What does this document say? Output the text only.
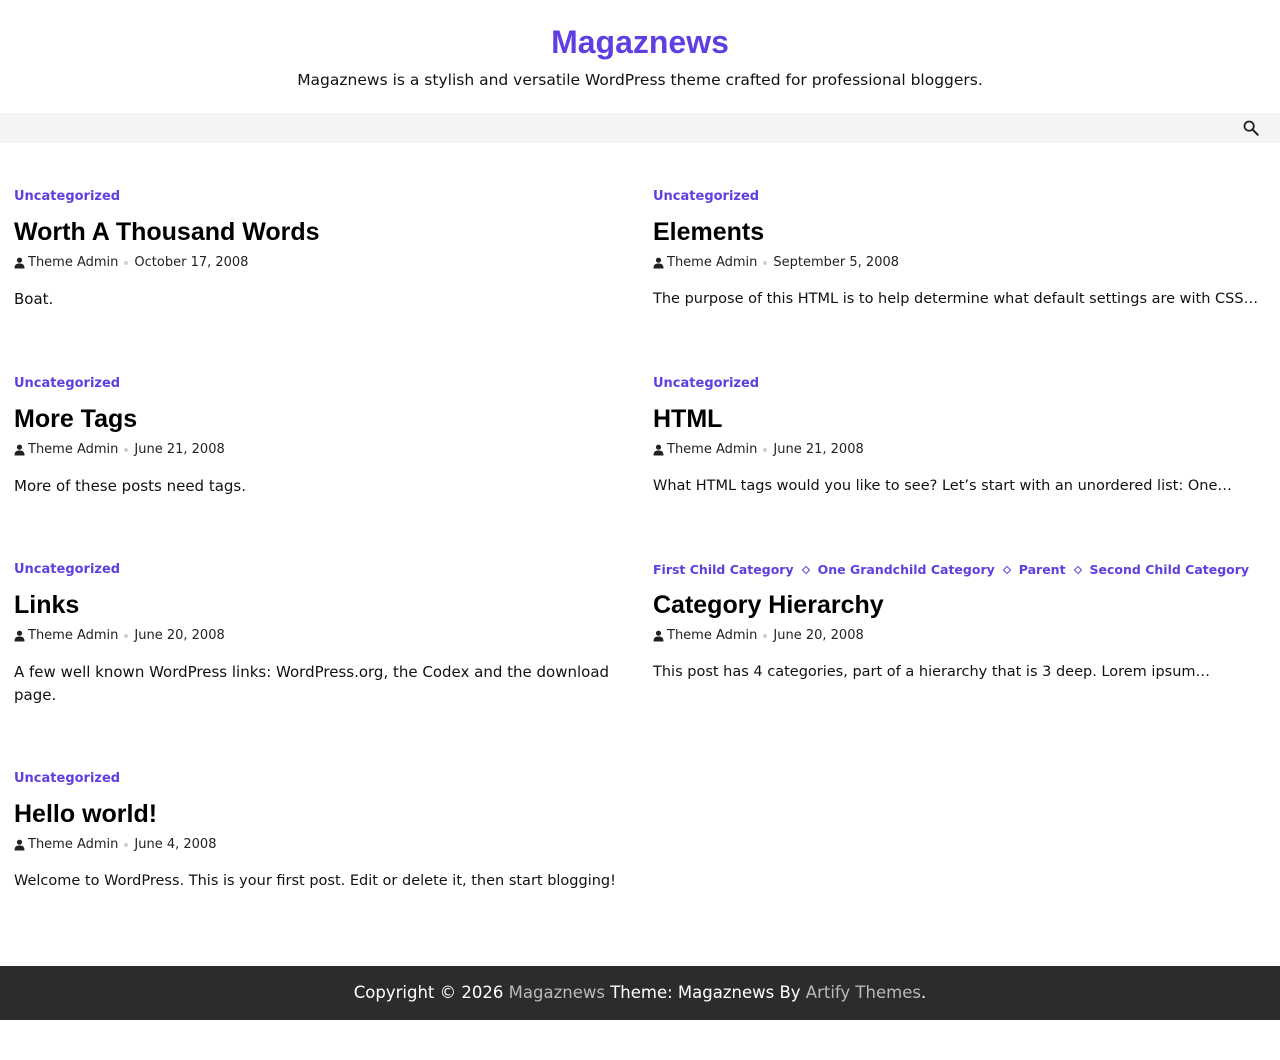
Magaznews

Magaznews is a stylish and versatile WordPress theme crafted for professional bloggers.

Uncategorized
Worth A Thousand Words
Theme Admin October 17, 2008

Boat.

Uncategorized
Elements
Theme Admin September 5, 2008

The purpose of this HTML is to help determine what default settings are with CSS…

Uncategorized
More Tags
Theme Admin June 21, 2008

More of these posts need tags.

Uncategorized
HTML
Theme Admin June 21, 2008

What HTML tags would you like to see? Let’s start with an unordered list: One…

Uncategorized
Links
Theme Admin June 20, 2008

A few well known WordPress links: WordPress.org, the Codex and the download page.

First Child Category One Grandchild Category Parent Second Child Category
Category Hierarchy
Theme Admin June 20, 2008

This post has 4 categories, part of a hierarchy that is 3 deep. Lorem ipsum…

Uncategorized
Hello world!
Theme Admin June 4, 2008

Welcome to WordPress. This is your first post. Edit or delete it, then start blogging!

Copyright © 2026 Magaznews Theme: Magaznews By Artify Themes.
